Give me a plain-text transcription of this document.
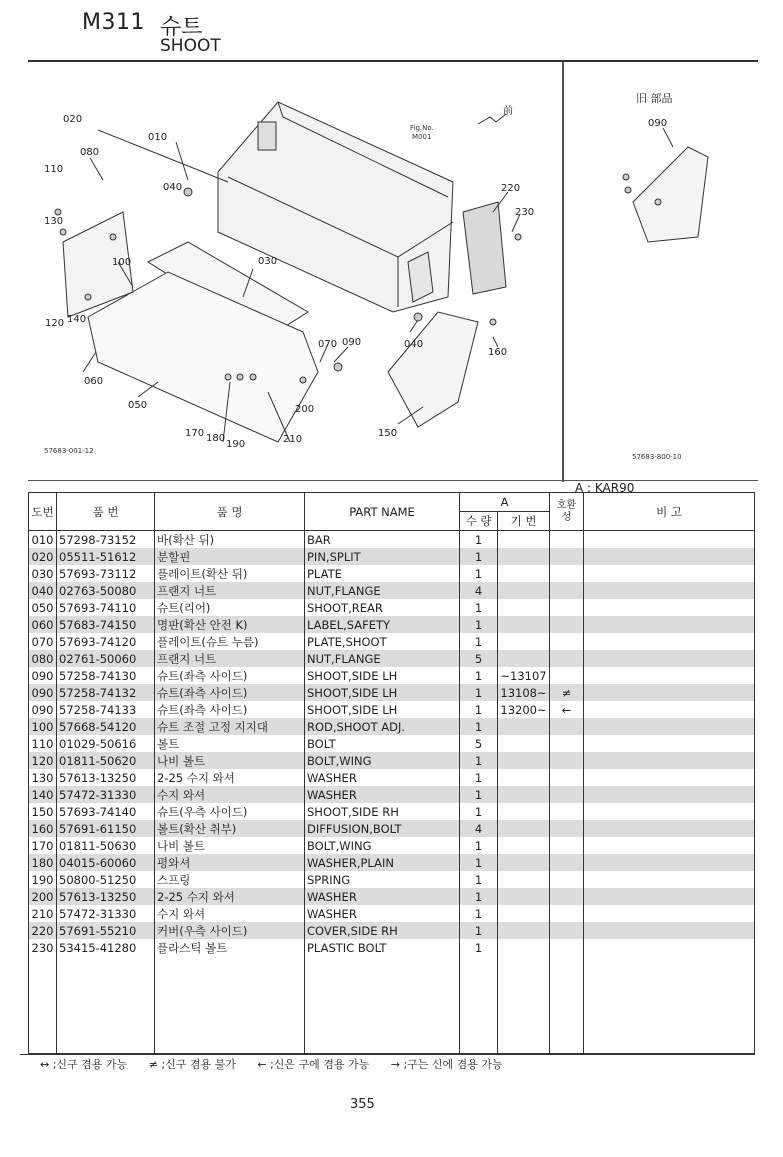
M311 슈트
SHOOT
020
010
080
110
040
130
100	030
120 140
060
050
070 090	040
160
220
230
200
170 180
190	210
150
前
Fig.No.
M001
57683-001-12
旧 部品
090
57683-800-10
A : KAR90
도번	품 번	품 명	PART NAME	A		호환성	비 고
				수 량	기 번		
010	57298-73152	바(확산 뒤)	BAR	1			
020	05511-51612	분할핀	PIN,SPLIT	1			
030	57693-73112	플레이트(확산 뒤)	PLATE	1			
040	02763-50080	프랜지 너트	NUT,FLANGE	4			
050	57693-74110	슈트(리어)	SHOOT,REAR	1			
060	57683-74150	명판(확산 안전 K)	LABEL,SAFETY	1			
070	57693-74120	플레이트(슈트 누름)	PLATE,SHOOT	1			
080	02761-50060	프랜지 너트	NUT,FLANGE	5			
090	57258-74130	슈트(좌측 사이드)	SHOOT,SIDE LH	1	~13107		
090	57258-74132	슈트(좌측 사이드)	SHOOT,SIDE LH	1	13108~	≠	
090	57258-74133	슈트(좌측 사이드)	SHOOT,SIDE LH	1	13200~	←	
100	57668-54120	슈트 조절 고정 지지대	ROD,SHOOT ADJ.	1			
110	01029-50616	볼트	BOLT	5			
120	01811-50620	나비 볼트	BOLT,WING	1			
130	57613-13250	2-25 수지 와셔	WASHER	1			
140	57472-31330	수지 와셔	WASHER	1			
150	57693-74140	슈트(우측 사이드)	SHOOT,SIDE RH	1			
160	57691-61150	볼트(확산 취부)	DIFFUSION,BOLT	4			
170	01811-50630	나비 볼트	BOLT,WING	1			
180	04015-60060	평와셔	WASHER,PLAIN	1			
190	50800-51250	스프링	SPRING	1			
200	57613-13250	2-25 수지 와셔	WASHER	1			
210	57472-31330	수지 와셔	WASHER	1			
220	57691-55210	커버(우측 사이드)	COVER,SIDE RH	1			
230	53415-41280	플라스틱 볼트	PLASTIC BOLT	1			

↔ ;신구 겸용 가능 ≠ ;신구 겸용 불가 ← ;신은 구에 겸용 가능 → ;구는 신에 겸용 가능
355
